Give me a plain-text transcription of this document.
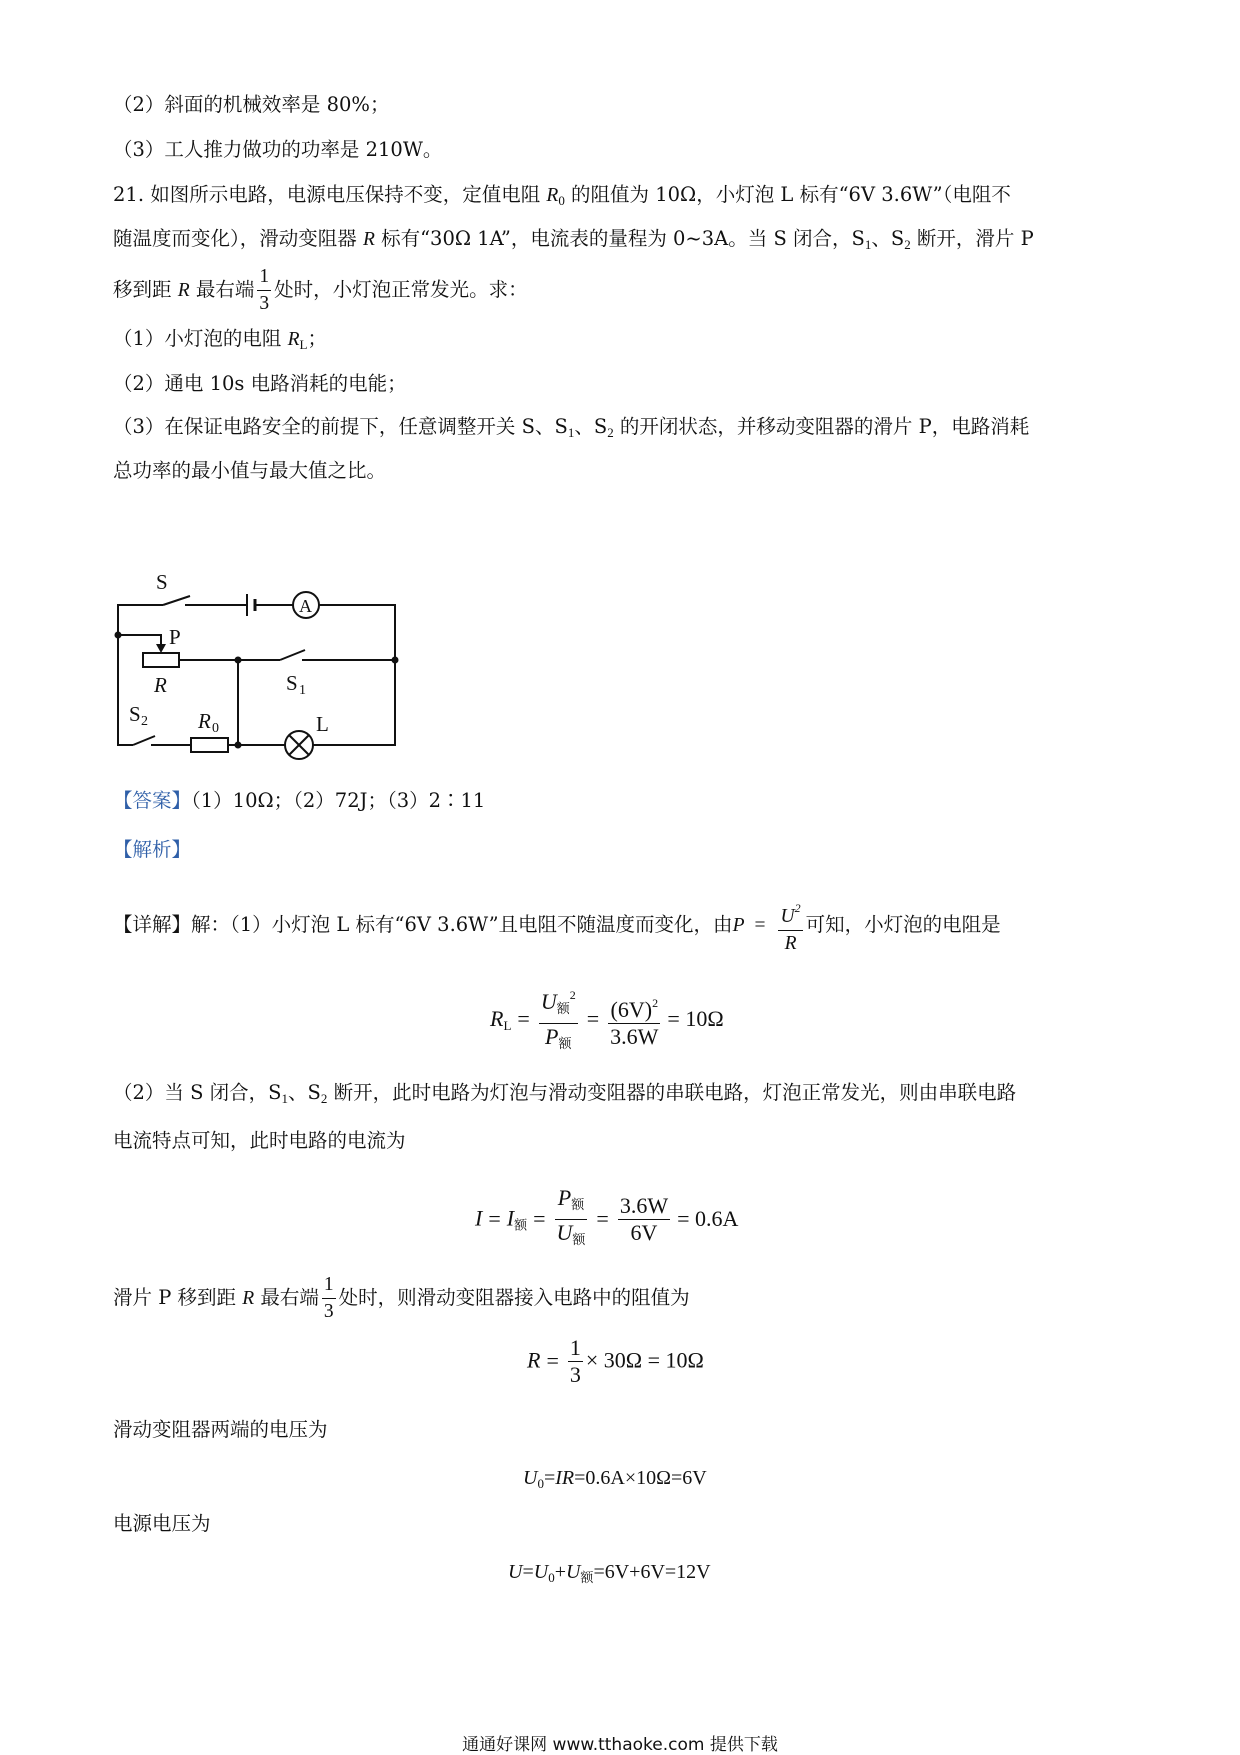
（2）斜面的机械效率是 80%；
（3）工人推力做功的功率是 210W。
21. 如图所示电路，电源电压保持不变，定值电阻 $R_0$ 的阻值为 10Ω，小灯泡 L 标有“6V 3.6W”（电阻不
随温度而变化），滑动变阻器 R 标有“30Ω 1A”，电流表的量程为 0~3A。当 S 闭合，$S_1$、$S_2$ 断开，滑片 P
移到距 R 最右端 $\frac{1}{3}$ 处时，小灯泡正常发光。求：
（1）小灯泡的电阻 $R_L$；
（2）通电 10s 电路消耗的电能；
（3）在保证电路安全的前提下，任意调整开关 S、$S_1$、$S_2$ 的开闭状态，并移动变阻器的滑片 P，电路消耗
总功率的最小值与最大值之比。
S
A
P
R	S 1
S 2 R 0	L
【答案】（1）10Ω；（2）72J；（3）2∶11
【解析】
【详解】解：（1）小灯泡 L 标有“6V 3.6W”且电阻不随温度而变化，由$P = \frac{U^2}{R}$ 可知，小灯泡的电阻是
$R_L = \frac{U_额^2}{P_额} = \frac{(6V)^2}{3.6W} = 10\Omega$
（2）当 S 闭合，$S_1$、$S_2$ 断开，此时电路为灯泡与滑动变阻器的串联电路，灯泡正常发光，则由串联电路
电流特点可知，此时电路的电流为
$I = I_额 = \frac{P_额}{U_额} = \frac{3.6W}{6V} = 0.6A$
滑片 P 移到距 R 最右端 $\frac{1}{3}$ 处时，则滑动变阻器接入电路中的阻值为
$R = \frac{1}{3} \times 30\Omega = 10\Omega$
滑动变阻器两端的电压为
$U_0=IR=0.6A\times 10\Omega=6V$
电源电压为
$U=U_0+U_额=6V+6V=12V$
通通好课网 www.tthaoke.com 提供下载
